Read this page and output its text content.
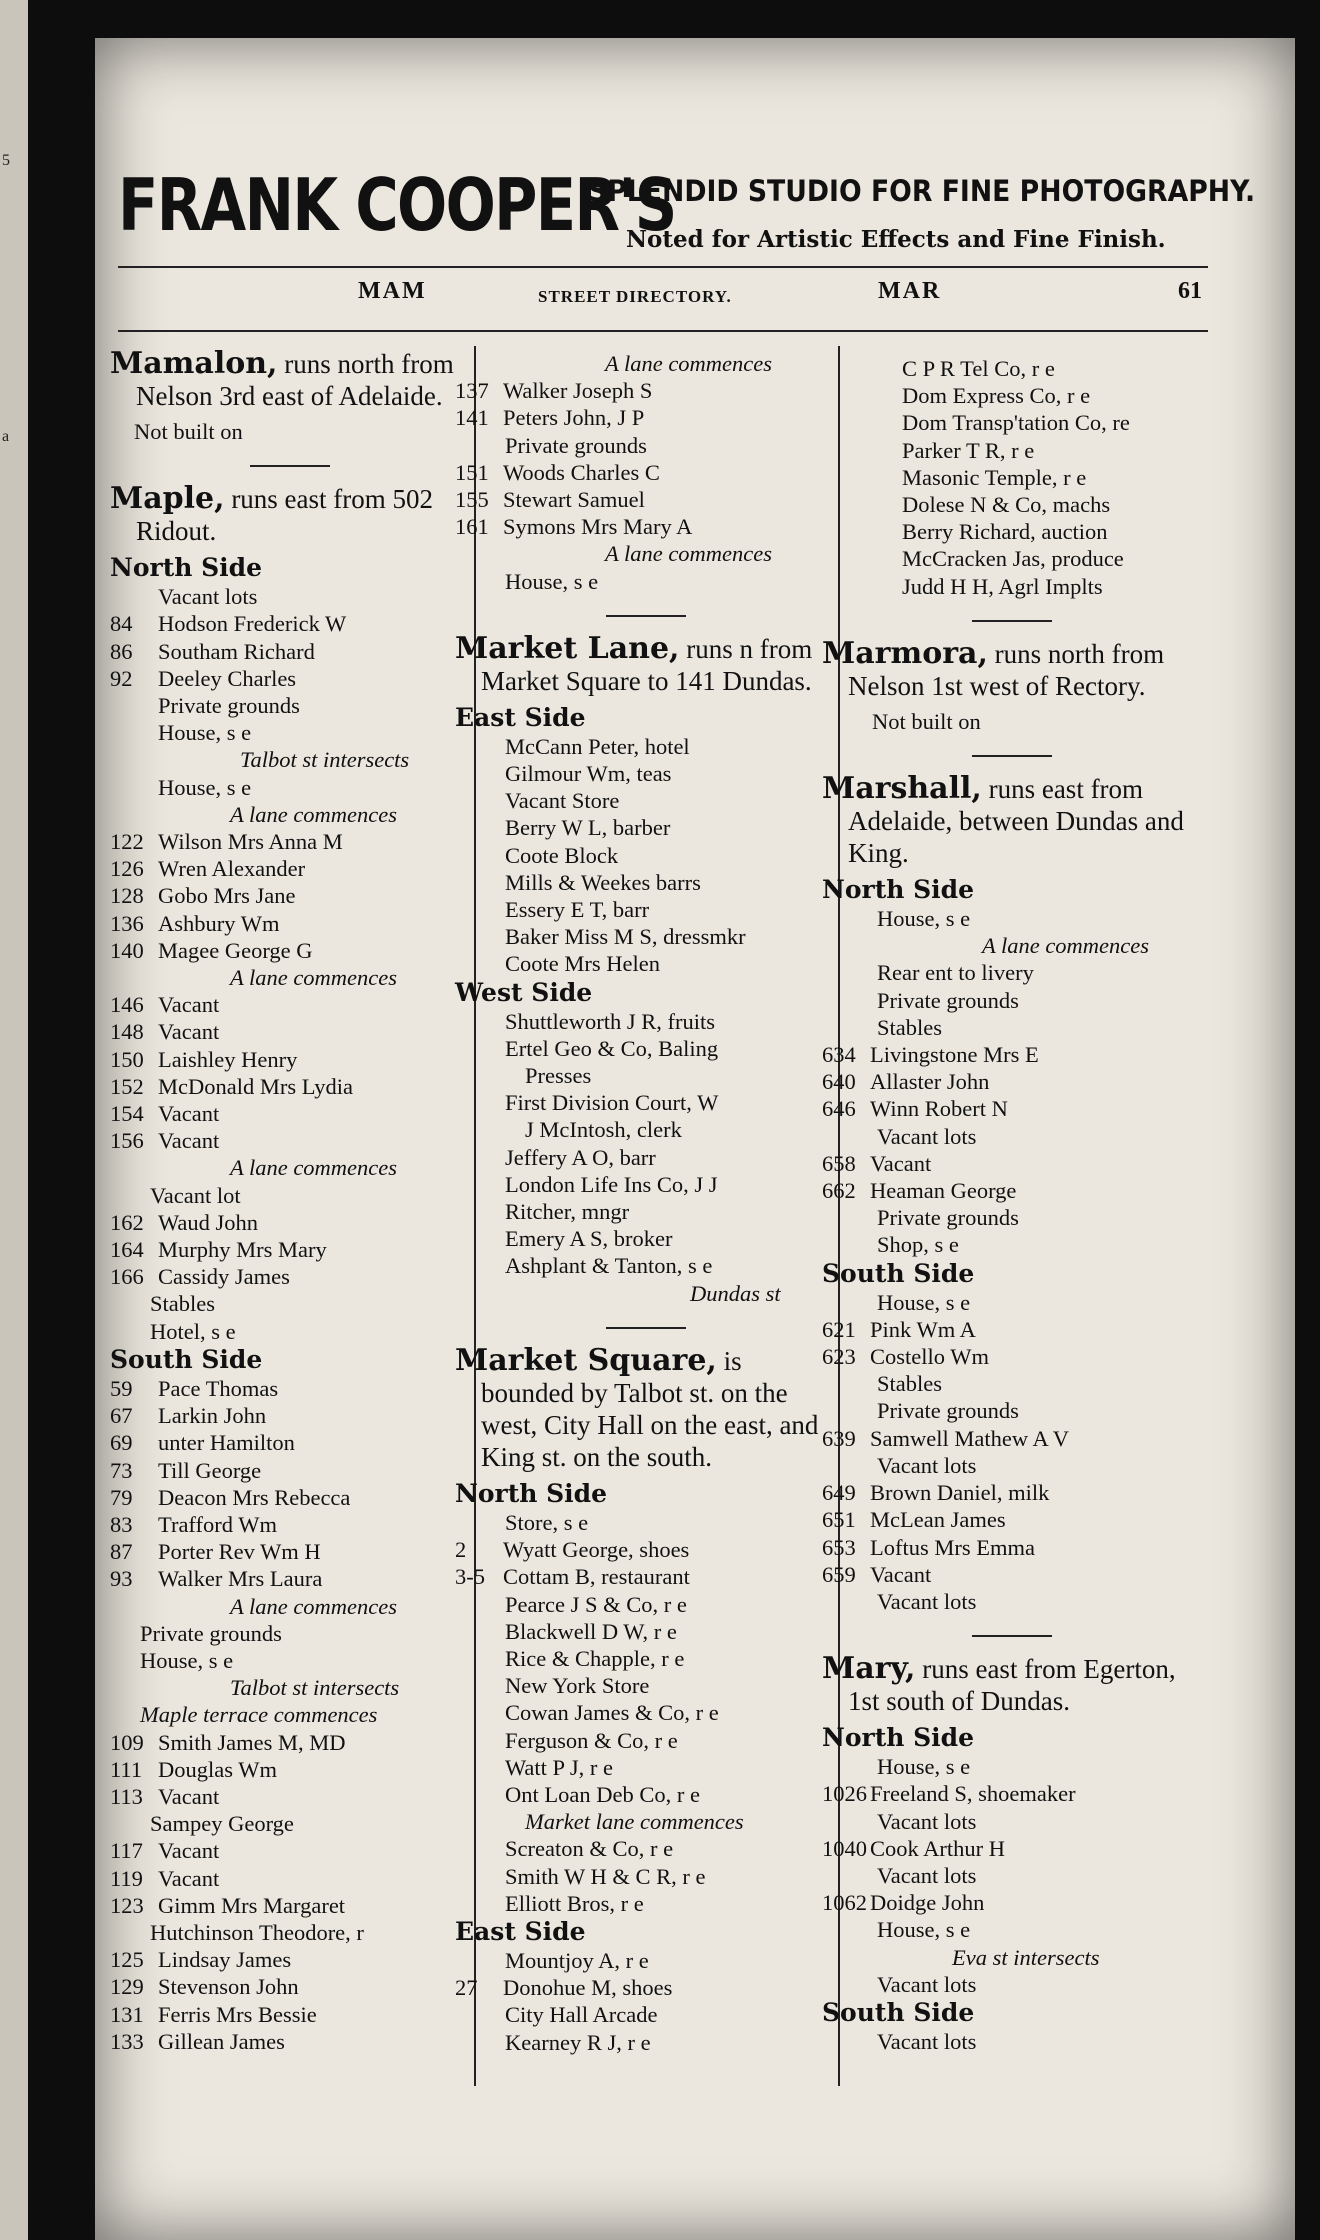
5
a
FRANK COOPER'S
SPLENDID STUDIO FOR FINE PHOTOGRAPHY.
Noted for Artistic Effects and Fine Finish.
MAM	STREET DIRECTORY.	MAR	61
Mamalon, runs north from Nelson 3rd east of Adelaide.
Not built on
Maple, runs east from 502 Ridout.
North Side
Vacant lots
84 Hodson Frederick W
86 Southam Richard
92 Deeley Charles
Private grounds
House, s e
Talbot st intersects
House, s e
A lane commences
122 Wilson Mrs Anna M
126 Wren Alexander
128 Gobo Mrs Jane
136 Ashbury Wm
140 Magee George G
A lane commences
146 Vacant
148 Vacant
150 Laishley Henry
152 McDonald Mrs Lydia
154 Vacant
156 Vacant
A lane commences
Vacant lot
162 Waud John
164 Murphy Mrs Mary
166 Cassidy James
Stables
Hotel, s e
South Side
59 Pace Thomas
67 Larkin John
69 unter Hamilton
73 Till George
79 Deacon Mrs Rebecca
83 Trafford Wm
87 Porter Rev Wm H
93 Walker Mrs Laura
A lane commences
Private grounds
House, s e
Talbot st intersects
Maple terrace commences
109 Smith James M, MD
111 Douglas Wm
113 Vacant
Sampey George
117 Vacant
119 Vacant
123 Gimm Mrs Margaret
Hutchinson Theodore, r
125 Lindsay James
129 Stevenson John
131 Ferris Mrs Bessie
133 Gillean James
A lane commences
137 Walker Joseph S
141 Peters John, J P
Private grounds
151 Woods Charles C
155 Stewart Samuel
161 Symons Mrs Mary A
A lane commences
House, s e
Market Lane, runs n from Market Square to 141 Dundas.
East Side
McCann Peter, hotel
Gilmour Wm, teas
Vacant Store
Berry W L, barber
Coote Block
Mills & Weekes barrs
Essery E T, barr
Baker Miss M S, dressmkr
Coote Mrs Helen
West Side
Shuttleworth J R, fruits
Ertel Geo & Co, Baling
Presses
First Division Court, W
J McIntosh, clerk
Jeffery A O, barr
London Life Ins Co, J J
Ritcher, mngr
Emery A S, broker
Ashplant & Tanton, s e
Dundas st
Market Square, is bounded by Talbot st. on the west, City Hall on the east, and King st. on the south.
North Side
Store, s e
2 Wyatt George, shoes
3-5 Cottam B, restaurant
Pearce J S & Co, r e
Blackwell D W, r e
Rice & Chapple, r e
New York Store
Cowan James & Co, r e
Ferguson & Co, r e
Watt P J, r e
Ont Loan Deb Co, r e
Market lane commences
Screaton & Co, r e
Smith W H & C R, r e
Elliott Bros, r e
East Side
Mountjoy A, r e
27 Donohue M, shoes
City Hall Arcade
Kearney R J, r e
C P R Tel Co, r e
Dom Express Co, r e
Dom Transp'tation Co, re
Parker T R, r e
Masonic Temple, r e
Dolese N & Co, machs
Berry Richard, auction
McCracken Jas, produce
Judd H H, Agrl Implts
Marmora, runs north from Nelson 1st west of Rectory.
Not built on
Marshall, runs east from Adelaide, between Dundas and King.
North Side
House, s e
A lane commences
Rear ent to livery
Private grounds
Stables
634 Livingstone Mrs E
640 Allaster John
646 Winn Robert N
Vacant lots
658 Vacant
662 Heaman George
Private grounds
Shop, s e
South Side
House, s e
621 Pink Wm A
623 Costello Wm
Stables
Private grounds
639 Samwell Mathew A V
Vacant lots
649 Brown Daniel, milk
651 McLean James
653 Loftus Mrs Emma
659 Vacant
Vacant lots
Mary, runs east from Egerton, 1st south of Dundas.
North Side
House, s e
1026 Freeland S, shoemaker
Vacant lots
1040 Cook Arthur H
Vacant lots
1062 Doidge John
House, s e
Eva st intersects
Vacant lots
South Side
Vacant lots
